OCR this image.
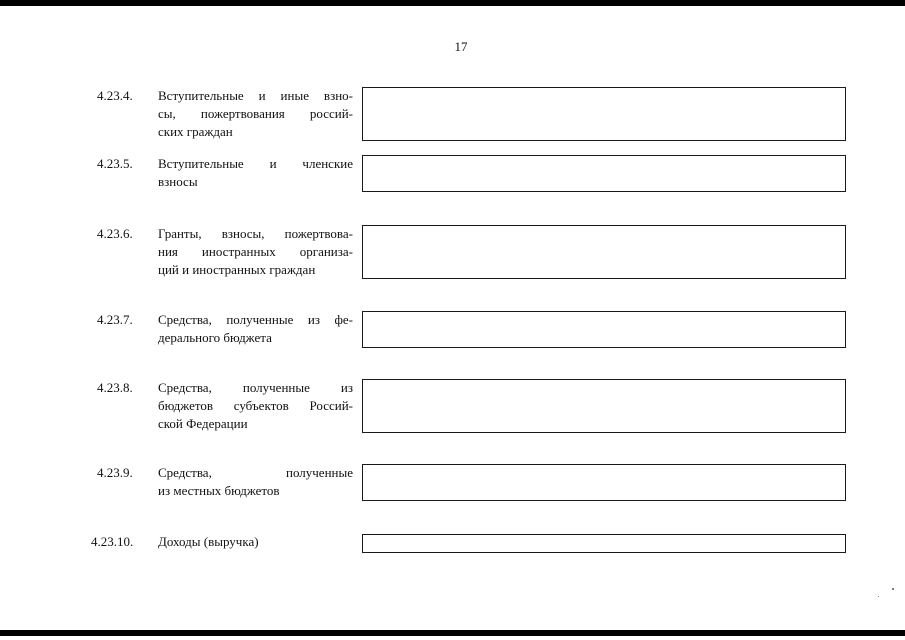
17
4.23.4. Вступительные и иные взно-
сы, пожертвования россий-
ских граждан
4.23.5. Вступительные и членские
взносы
4.23.6. Гранты, взносы, пожертвова-
ния иностранных организа-
ций и иностранных граждан
4.23.7. Средства, полученные из фе-
дерального бюджета
4.23.8. Средства, полученные из
бюджетов субъектов Россий-
ской Федерации
4.23.9. Средства, полученные
из местных бюджетов
4.23.10. Доходы (выручка)
